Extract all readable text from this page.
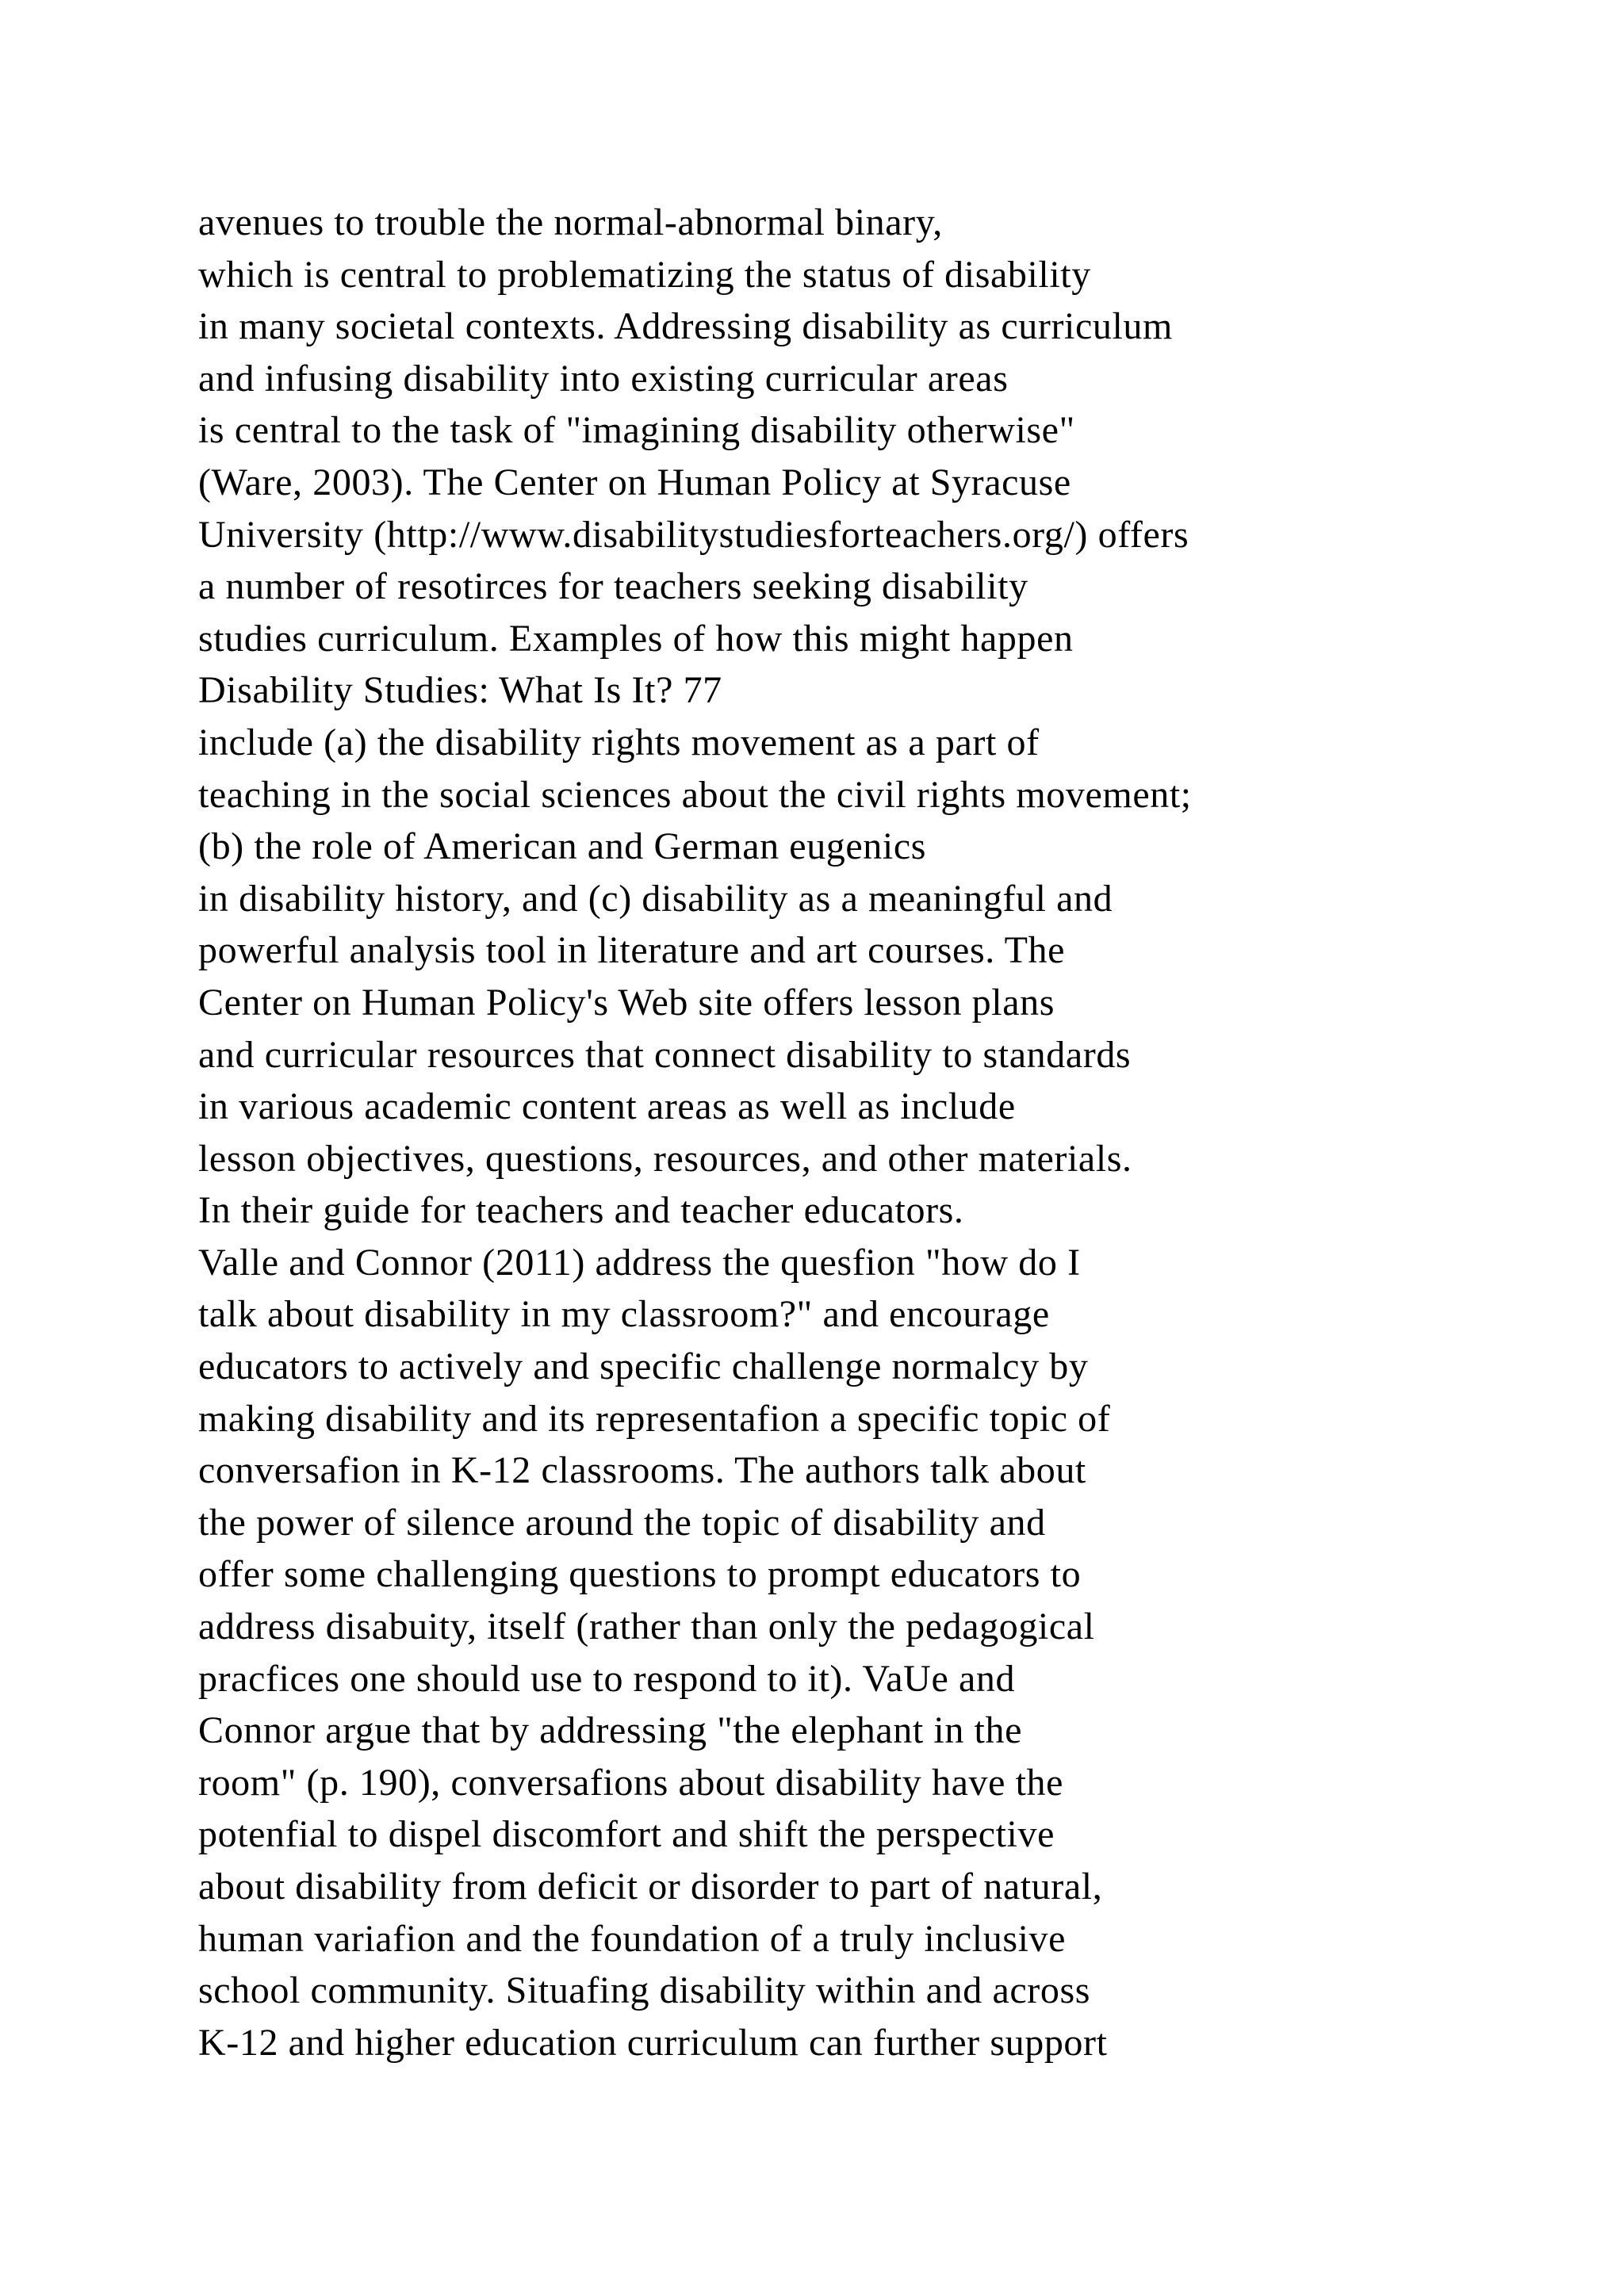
avenues to trouble the normal-abnormal binary,
which is central to problematizing the status of disability
in many societal contexts. Addressing disability as curriculum
and infusing disability into existing curricular areas
is central to the task of "imagining disability otherwise"
(Ware, 2003). The Center on Human Policy at Syracuse
University (http://www.disabilitystudiesforteachers.org/) offers
a number of resotirces for teachers seeking disability
studies curriculum. Examples of how this might happen
Disability Studies: What Is It? 77
include (a) the disability rights movement as a part of
teaching in the social sciences about the civil rights movement;
(b) the role of American and German eugenics
in disability history, and (c) disability as a meaningful and
powerful analysis tool in literature and art courses. The
Center on Human Policy's Web site offers lesson plans
and curricular resources that connect disability to standards
in various academic content areas as well as include
lesson objectives, questions, resources, and other materials.
In their guide for teachers and teacher educators.
Valle and Connor (2011) address the quesfion "how do I
talk about disability in my classroom?" and encourage
educators to actively and specific challenge normalcy by
making disability and its representafion a specific topic of
conversafion in K-12 classrooms. The authors talk about
the power of silence around the topic of disability and
offer some challenging questions to prompt educators to
address disabuity, itself (rather than only the pedagogical
pracfices one should use to respond to it). VaUe and
Connor argue that by addressing "the elephant in the
room" (p. 190), conversafions about disability have the
potenfial to dispel discomfort and shift the perspective
about disability from deficit or disorder to part of natural,
human variafion and the foundation of a truly inclusive
school community. Situafing disability within and across
K-12 and higher education curriculum can further support
